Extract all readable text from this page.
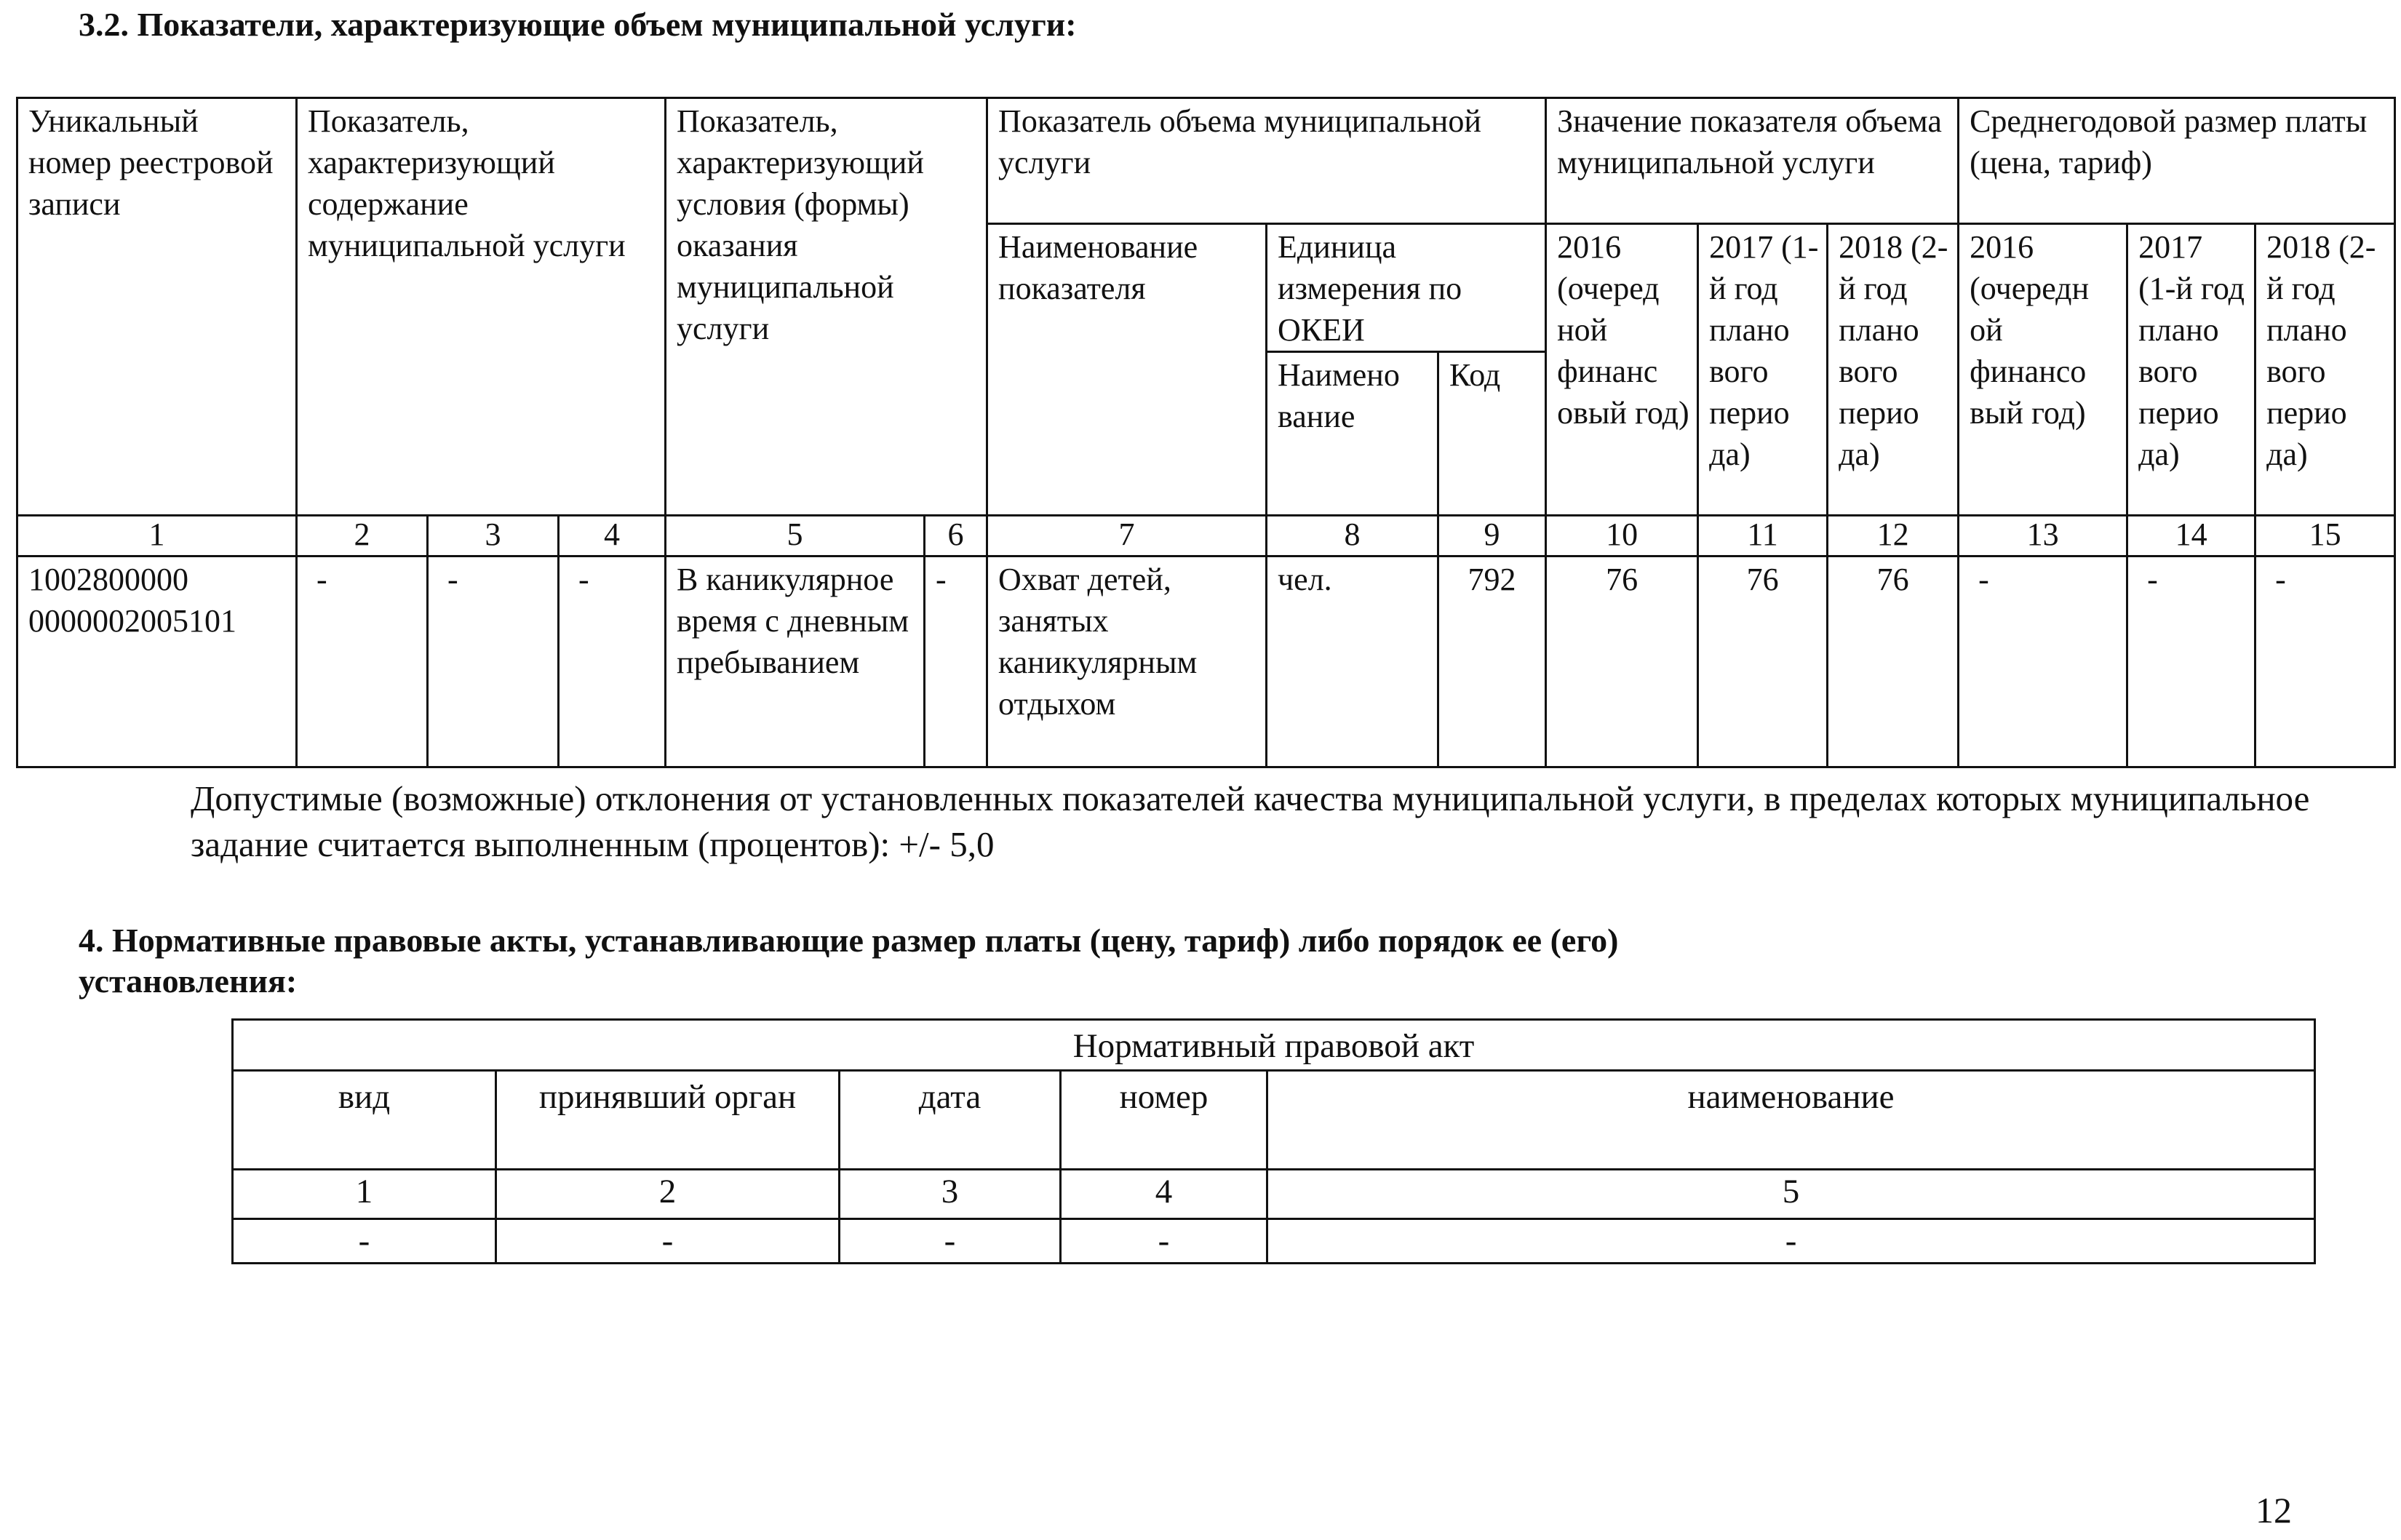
3.2. Показатели, характеризующие объем муниципальной услуги:
Уникальный номер реестровой записи	Показатель, характеризующий содержание муниципальной услуги			Показатель, характеризующий условия (формы) оказания муниципальной услуги		Показатель объема муниципальной услуги			Значение показателя объема муниципальной услуги			Среднегодовой размер платы (цена, тариф)		
						Наименование показателя	Единица измерения по ОКЕИ		2016 (очеред ной финанс овый год)	2017 (1-й год плано вого перио да)	2018 (2-й год плано вого перио да)	2016 (очередн ой финансо вый год)	2017 (1-й год плано вого перио да)	2018 (2-й год плано вого перио да)
							Наимено вание	Код						
1	2	3	4	5	6	7	8	9	10	11	12	13	14	15
1002800000 0000002005101	-	-	-	В каникулярное время с дневным пребыванием	-	Охват детей, занятых каникулярным отдыхом	чел.	792	76	76	76	-	-	-

Допустимые (возможные) отклонения от установленных показателей качества муниципальной услуги, в пределах которых муниципальное задание считается выполненным (процентов): +/- 5,0

4. Нормативные правовые акты, устанавливающие размер платы (цену, тариф) либо порядок ее (его)
установления:
Нормативный правовой акт				
вид	принявший орган	дата	номер	наименование
1	2	3	4	5
-	-	-	-	-

12
